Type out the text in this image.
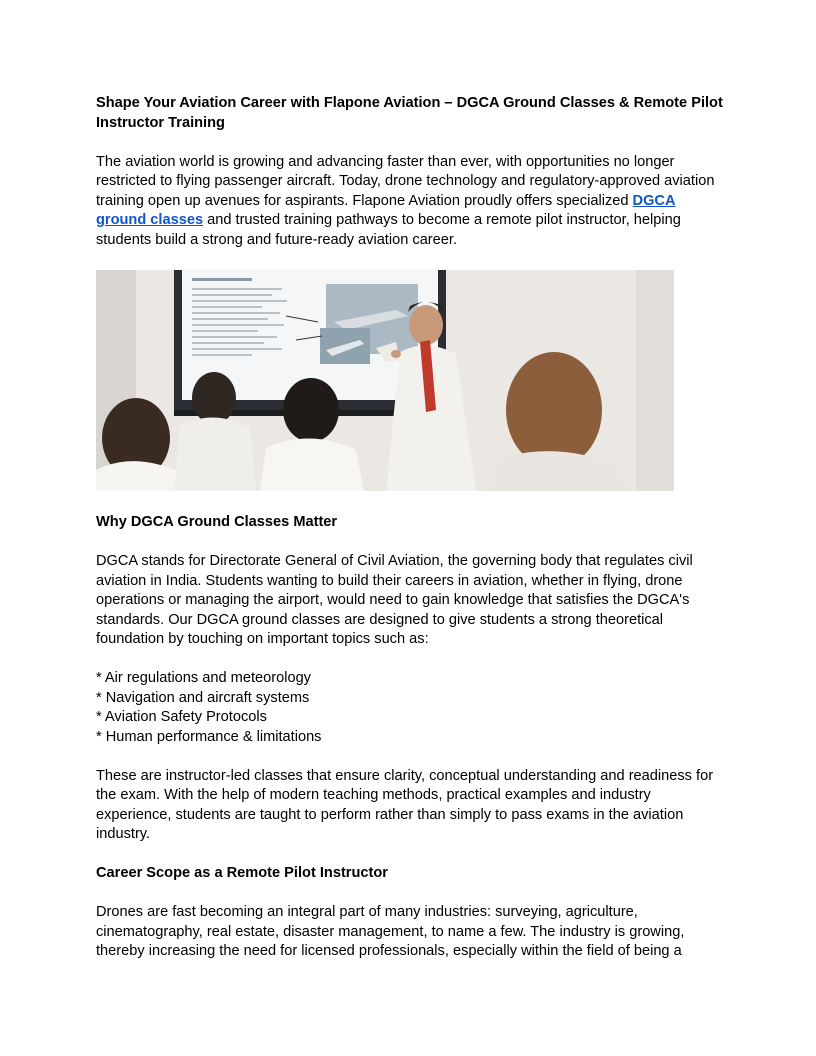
Shape Your Aviation Career with Flapone Aviation – DGCA Ground Classes & Remote Pilot Instructor Training

The aviation world is growing and advancing faster than ever, with opportunities no longer restricted to flying passenger aircraft. Today, drone technology and regulatory-approved aviation training open up avenues for aspirants. Flapone Aviation proudly offers specialized DGCA ground classes and trusted training pathways to become a remote pilot instructor, helping students build a strong and future-ready aviation career.

Why DGCA Ground Classes Matter

DGCA stands for Directorate General of Civil Aviation, the governing body that regulates civil aviation in India. Students wanting to build their careers in aviation, whether in flying, drone operations or managing the airport, would need to gain knowledge that satisfies the DGCA's standards. Our DGCA ground classes are designed to give students a strong theoretical foundation by touching on important topics such as:

* Air regulations and meteorology
* Navigation and aircraft systems
* Aviation Safety Protocols
* Human performance & limitations

These are instructor-led classes that ensure clarity, conceptual understanding and readiness for the exam. With the help of modern teaching methods, practical examples and industry experience, students are taught to perform rather than simply to pass exams in the aviation industry.

Career Scope as a Remote Pilot Instructor

Drones are fast becoming an integral part of many industries: surveying, agriculture, cinematography, real estate, disaster management, to name a few. The industry is growing, thereby increasing the need for licensed professionals, especially within the field of being a
